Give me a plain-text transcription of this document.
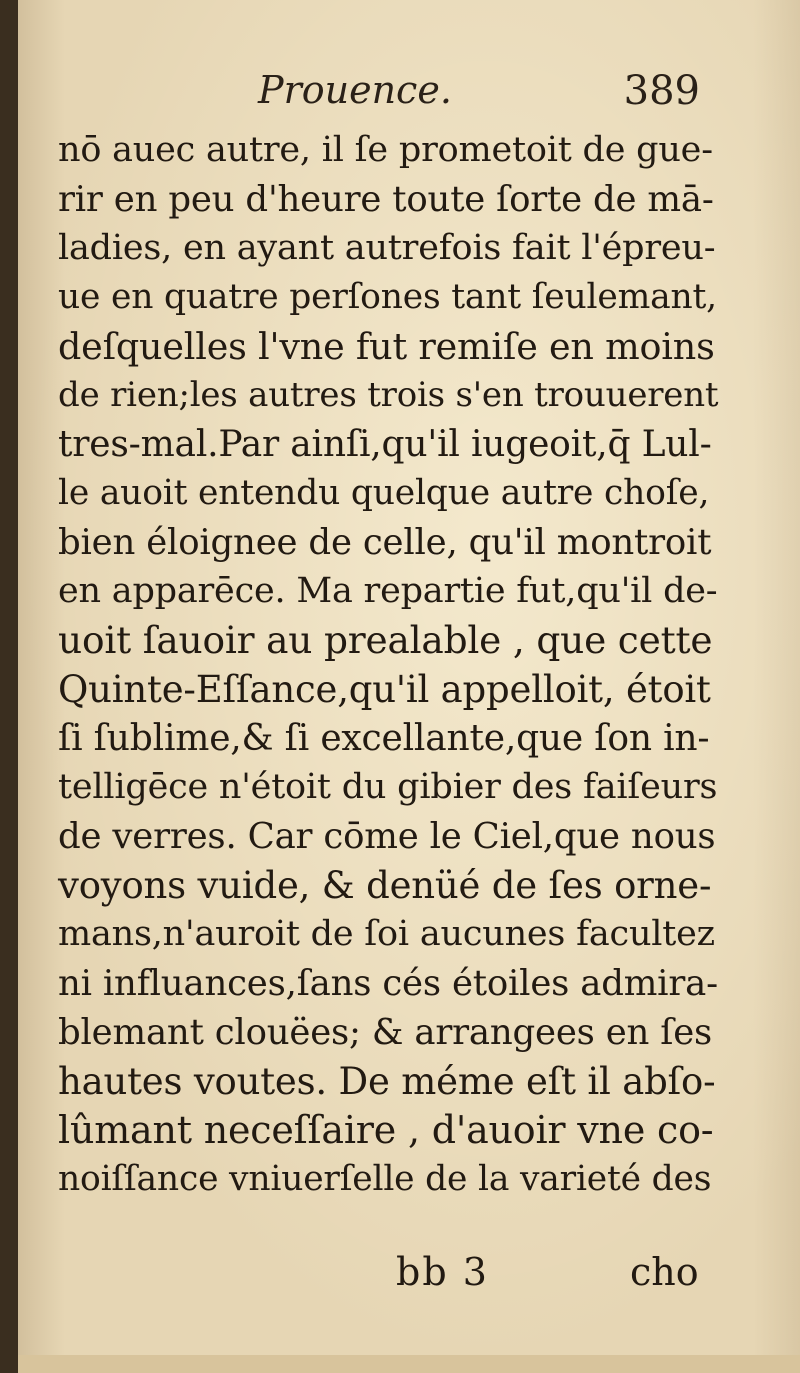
Prouence.	389
nō auec autre, il ſe prometoit de gue-
rir en peu d'heure toute ſorte de mā-
ladies, en ayant autrefois fait l'épreu-
ue en quatre perſones tant ſeulemant,
deſquelles l'vne fut remiſe en moins
de rien;les autres trois s'en trouuerent
tres-mal.Par ainſi,qu'il iugeoit,q̄ Lul-
le auoit entendu quelque autre choſe,
bien éloignee de celle, qu'il montroit
en apparēce. Ma repartie fut,qu'il de-
uoit ſauoir au prealable , que cette
Quinte-Eſſance,qu'il appelloit, étoit
ſi ſublime,& ſi excellante,que ſon in-
telligēce n'étoit du gibier des faiſeurs
de verres. Car cōme le Ciel,que nous
voyons vuide, & denüé de ſes orne-
mans,n'auroit de ſoi aucunes facultez
ni influances,ſans cés étoiles admira-
blemant clouëes; & arrangees en ſes
hautes voutes. De méme eſt il abſo-
lûmant neceſſaire , d'auoir vne co-
noiſſance vniuerſelle de la varieté des
bb 3	cho
